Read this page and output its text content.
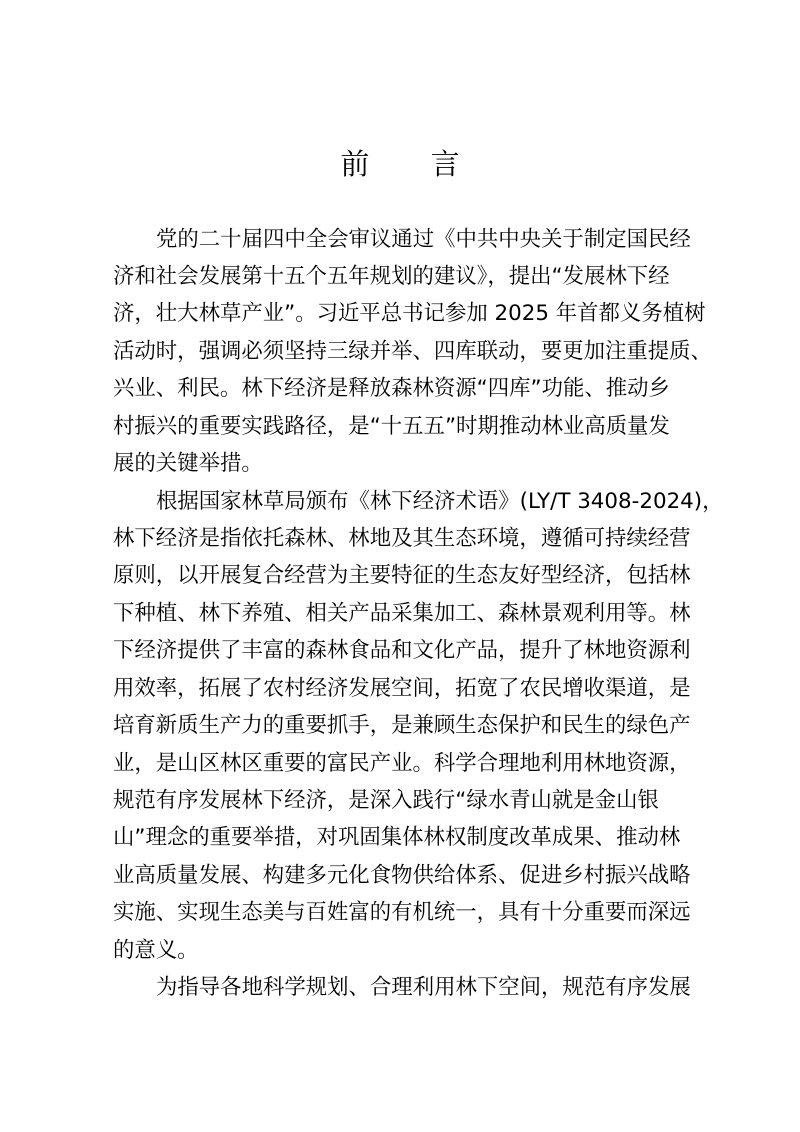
前 言

党的二十届四中全会审议通过《中共中央关于制定国民经

济和社会发展第十五个五年规划的建议》，提出“发展林下经

济，壮大林草产业”。习近平总书记参加 2025 年首都义务植树

活动时，强调必须坚持三绿并举、四库联动，要更加注重提质、

兴业、利民。林下经济是释放森林资源“四库”功能、推动乡

村振兴的重要实践路径，是“十五五”时期推动林业高质量发

展的关键举措。

根据国家林草局颁布《林下经济术语》(LY/T 3408-2024)，

林下经济是指依托森林、林地及其生态环境，遵循可持续经营

原则，以开展复合经营为主要特征的生态友好型经济，包括林

下种植、林下养殖、相关产品采集加工、森林景观利用等。林

下经济提供了丰富的森林食品和文化产品，提升了林地资源利

用效率，拓展了农村经济发展空间，拓宽了农民增收渠道，是

培育新质生产力的重要抓手，是兼顾生态保护和民生的绿色产

业，是山区林区重要的富民产业。科学合理地利用林地资源，

规范有序发展林下经济，是深入践行“绿水青山就是金山银

山”理念的重要举措，对巩固集体林权制度改革成果、推动林

业高质量发展、构建多元化食物供给体系、促进乡村振兴战略

实施、实现生态美与百姓富的有机统一，具有十分重要而深远

的意义。

为指导各地科学规划、合理利用林下空间，规范有序发展
